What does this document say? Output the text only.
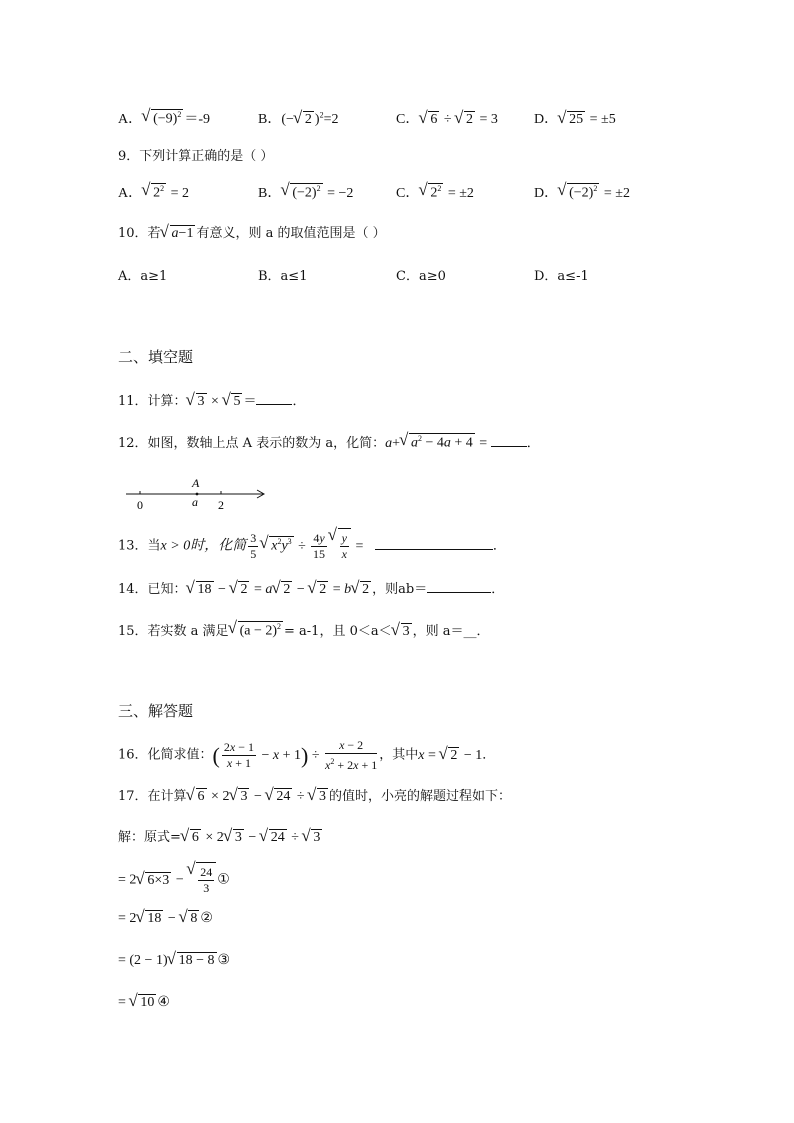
A． √ $(-9)^2 =-9$	B．(− √ 2 )$^2$=2	C． √ 6 ÷ √ 2 = 3	D． √ 25 = ±5
9．下列计算正确的是（ ）
A． √ $2^2 = 2$	B． √ $(-2)^2 = -2$	C． √ $2^2 = \pm 2$	D． √ $(-2)^2 = \pm 2$
10．若 √ a−1 有意义，则 a 的取值范围是（ ）
A．a≥1	B．a≤1	C．a≥0	D．a≤-1
二、填空题
11．计算： √ 3 × √ 5 ＝	．
12．如图，数轴上点 A 表示的数为 a，化简：a+ √ $a^2 - 4a + 4$ =	．
0	2
A
a
13．当x > 0时，化简 $\frac{3}{5}$ √ $x^2y^3 \div \frac{4y}{15}$ √ $\frac{y}{x}$ =	．
14．已知： √ 18 − √ 2 = a √ 2 − √ 2 = b √ 2 ，则ab＝	．
15．若实数 a 满足 √ $(a - 2)^2 = a-1$，且 0＜a＜ √ 3 ，则 a＝__．
三、解答题
16．化简求值：( $\frac{2x - 1}{x + 1} - x + 1) \div \frac{x - 2}{x^2 + 2x + 1}$ ，其中x = √ 2 − 1．
17．在计算 √ 6 × 2 √ 3 − √ 24 ÷ √ 3 的值时，小亮的解题过程如下：
解：原式= √ 6 × 2 √ 3 − √ 24 ÷ √ 3
= 2 √ 6×3 − √ $\frac{24}{3}$ ①
= 2 √ 18 − √ 8 ②
= (2 − 1) √ 18 − 8 ③
= √ 10 ④
